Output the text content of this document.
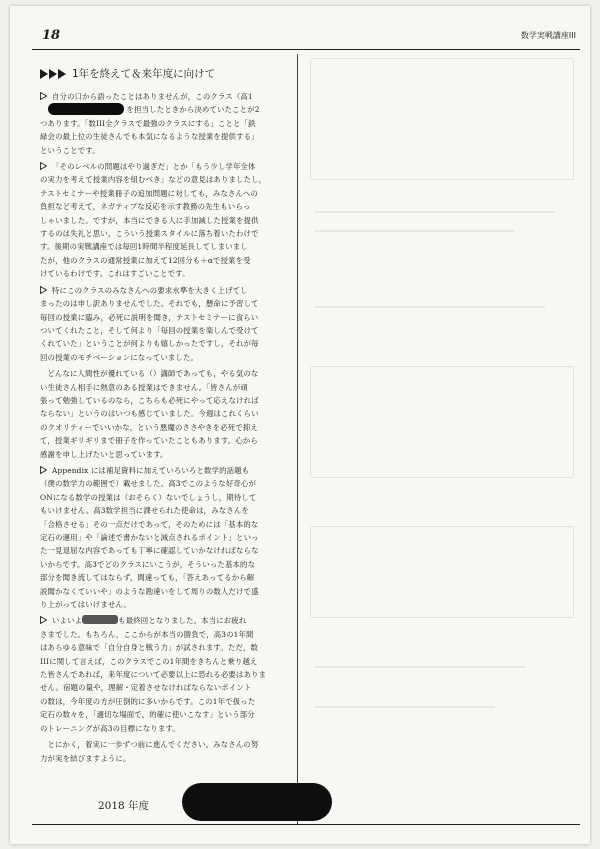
18	数学実戦講座III
1年を終えて＆来年度に向けて

自分の口から語ったことはありませんが，このクラス（高1
を担当したときから決めていたことが2
つあります。「数III全クラスで最強のクラスにする」ことと「鉄
緑会の最上位の生徒さんでも本気になるような授業を提供する」
ということです。

「そのレベルの問題はやり過ぎだ」とか「もう少し学年全体
の実力を考えて授業内容を組むべき」などの意見はありましたし，
テストセミナーや授業冊子の追加問題に対しても，みなさんへの
負担など考えて，ネガティブな反応を示す教務の先生もいらっ
しゃいました。ですが，本当にできる人に手加減した授業を提供
するのは失礼と思い，こういう授業スタイルに落ち着いたわけで
す。後期の実戦講座では毎回1時間半程度延長してしまいまし
たが，他のクラスの通常授業に加えて12回分も＋αで授業を受
けているわけです。これはすごいことです。

特にこのクラスのみなさんへの要求水準を大きく上げてし
まったのは申し訳ありませんでした。それでも，懸命に予習して
毎回の授業に臨み，必死に説明を聞き，テストセミナーに食らい
ついてくれたこと，そして何より「毎回の授業を楽しんで受けて
くれていた」ということが何よりも嬉しかったですし，それが毎
回の授業のモチベーションになっていました。

どんなに人間性が優れている（）講師であっても，やる気のな
い生徒さん相手に熱意のある授業はできません。「皆さんが頑
張って勉強しているのなら，こちらも必死にやって応えなければ
ならない」というのはいつも感じていました。今週はこれくらい
のクオリティーでいいかな，という悪魔のささやきを必死で抑え
て，授業ギリギリまで冊子を作っていたこともあります。心から
感謝を申し上げたいと思っています。

Appendix には補足資料に加えていろいろと数学的話題も
（僕の数学力の範囲で）載せました。高3でこのような好奇心が
ONになる数学の授業は（おそらく）ないでしょうし，期待して
もいけません。高3数学担当に課せられた使命は，みなさんを
「合格させる」その一点だけであって，そのためには「基本的な
定石の運用」や「論述で書かないと減点されるポイント」といっ
た一見退屈な内容であっても丁寧に確認していかなければならな
いからです。高3でどのクラスにいこうが，そういった基本的な
部分を聞き流してはならず，間違っても，「答えあってるから解
説聞かなくていいや」のような勘違いをして周りの数人だけで盛
り上がってはいけません。

いよいよ	も最終回となりました。本当にお疲れ
さまでした。もちろん，ここからが本当の勝負で，高3の1年間
はあらゆる意味で「自分自身と戦う力」が試されます。ただ，数
IIIに関して言えば，このクラスでこの1年間をきちんと乗り越え
た皆さんであれば，来年度について必要以上に恐れる必要はありま
せん。宿題の量や，理解・定着させなければならないポイント
の数は，今年度の方が圧倒的に多いからです。この1年で扱った
定石の数々を，「適切な場面で，的確に使いこなす」という部分
のトレーニングが高3の目標になります。

とにかく，着実に一歩ずつ前に進んでください。みなさんの努
力が実を結びますように。

2018 年度
